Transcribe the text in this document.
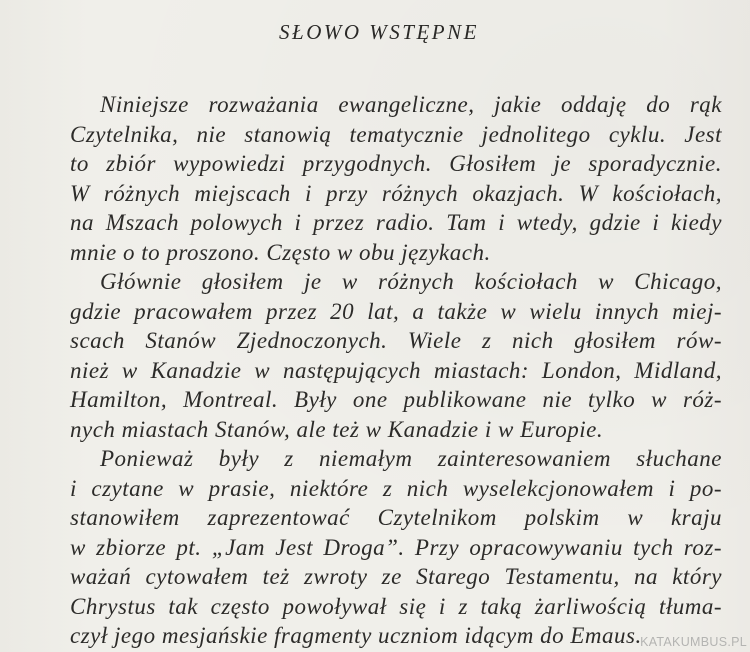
SŁOWO WSTĘPNE
Niniejsze rozważania ewangeliczne, jakie oddaję do rąk
Czytelnika, nie stanowią tematycznie jednolitego cyklu. Jest
to zbiór wypowiedzi przygodnych. Głosiłem je sporadycznie.
W różnych miejscach i przy różnych okazjach. W kościołach,
na Mszach polowych i przez radio. Tam i wtedy, gdzie i kiedy
mnie o to proszono. Często w obu językach.
Głównie głosiłem je w różnych kościołach w Chicago,
gdzie pracowałem przez 20 lat, a także w wielu innych miej-
scach Stanów Zjednoczonych. Wiele z nich głosiłem rów-
nież w Kanadzie w następujących miastach: London, Midland,
Hamilton, Montreal. Były one publikowane nie tylko w róż-
nych miastach Stanów, ale też w Kanadzie i w Europie.
Ponieważ były z niemałym zainteresowaniem słuchane
i czytane w prasie, niektóre z nich wyselekcjonowałem i po-
stanowiłem zaprezentować Czytelnikom polskim w kraju
w zbiorze pt. „Jam Jest Droga”. Przy opracowywaniu tych roz-
ważań cytowałem też zwroty ze Starego Testamentu, na który
Chrystus tak często powoływał się i z taką żarliwością tłuma-
czył jego mesjańskie fragmenty uczniom idącym do Emaus.
KATAKUMBUS.PL
